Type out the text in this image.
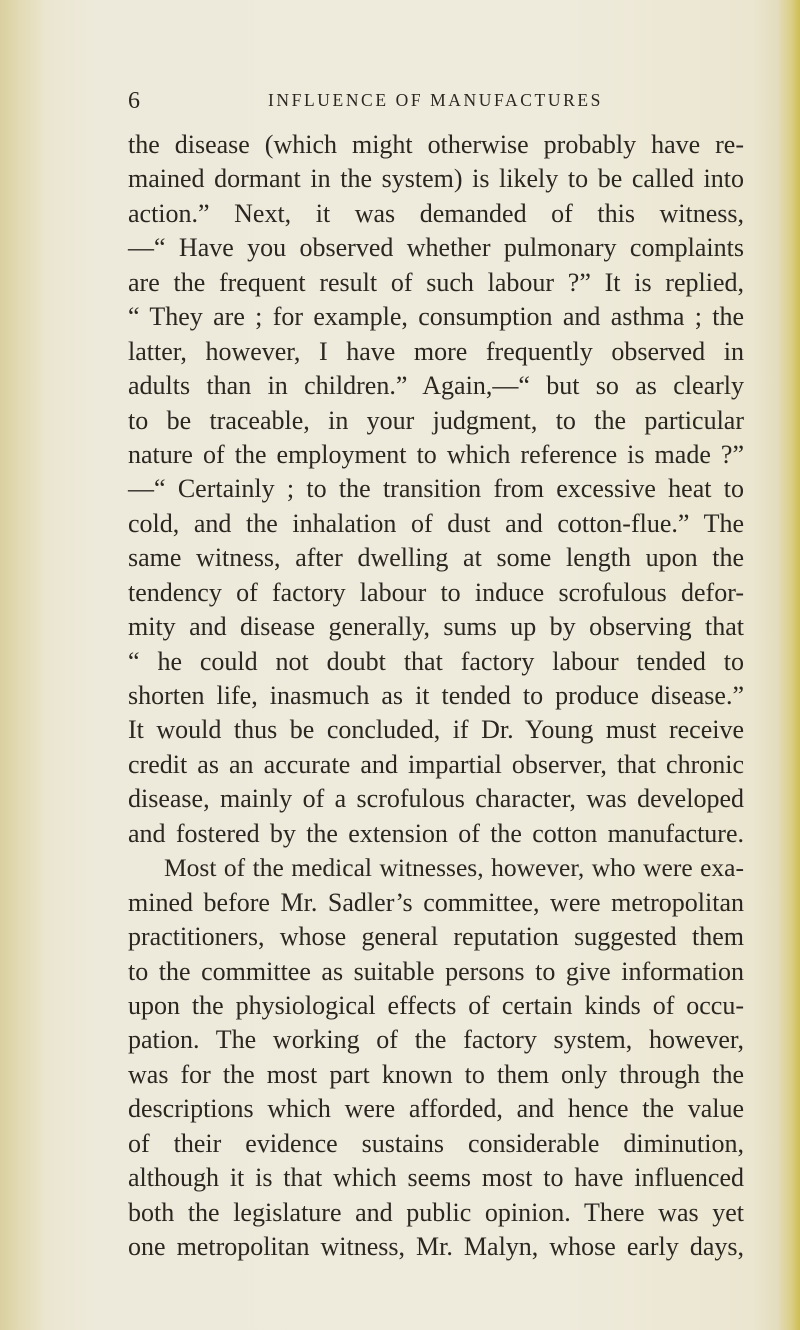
6	INFLUENCE OF MANUFACTURES
the disease (which might otherwise probably have re-
mained dormant in the system) is likely to be called into
action.” Next, it was demanded of this witness,
—“ Have you observed whether pulmonary complaints
are the frequent result of such labour ?” It is replied,
“ They are ; for example, consumption and asthma ; the
latter, however, I have more frequently observed in
adults than in children.” Again,—“ but so as clearly
to be traceable, in your judgment, to the particular
nature of the employment to which reference is made ?”
—“ Certainly ; to the transition from excessive heat to
cold, and the inhalation of dust and cotton-flue.” The
same witness, after dwelling at some length upon the
tendency of factory labour to induce scrofulous defor-
mity and disease generally, sums up by observing that
“ he could not doubt that factory labour tended to
shorten life, inasmuch as it tended to produce disease.”
It would thus be concluded, if Dr. Young must receive
credit as an accurate and impartial observer, that chronic
disease, mainly of a scrofulous character, was developed
and fostered by the extension of the cotton manufacture.
Most of the medical witnesses, however, who were exa-
mined before Mr. Sadler’s committee, were metropolitan
practitioners, whose general reputation suggested them
to the committee as suitable persons to give information
upon the physiological effects of certain kinds of occu-
pation. The working of the factory system, however,
was for the most part known to them only through the
descriptions which were afforded, and hence the value
of their evidence sustains considerable diminution,
although it is that which seems most to have influenced
both the legislature and public opinion. There was yet
one metropolitan witness, Mr. Malyn, whose early days,
